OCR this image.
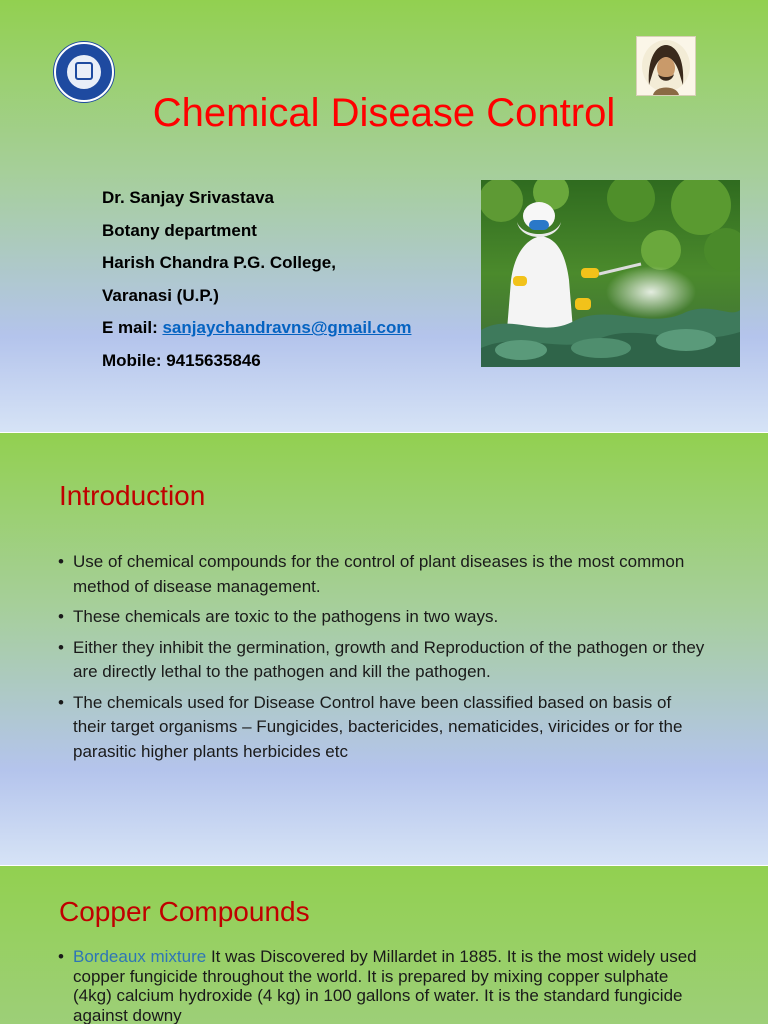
Chemical Disease Control
Dr. Sanjay Srivastava
Botany department
Harish Chandra P.G. College,
Varanasi (U.P.)
E mail: sanjaychandravns@gmail.com
Mobile: 9415635846
Introduction
• Use of chemical compounds for the control of plant diseases is the most common method of disease management.
• These chemicals are toxic to the pathogens in two ways.
• Either they inhibit the germination, growth and Reproduction of the pathogen or they are directly lethal to the pathogen and kill the pathogen.
• The chemicals used for Disease Control have been classified based on basis of their target organisms – Fungicides, bactericides, nematicides, viricides or for the parasitic higher plants herbicides etc
Copper Compounds
• Bordeaux mixture It was Discovered by Millardet in 1885. It is the most widely used copper fungicide throughout the world. It is prepared by mixing copper sulphate (4kg) calcium hydroxide (4 kg) in 100 gallons of water. It is the standard fungicide against downy
